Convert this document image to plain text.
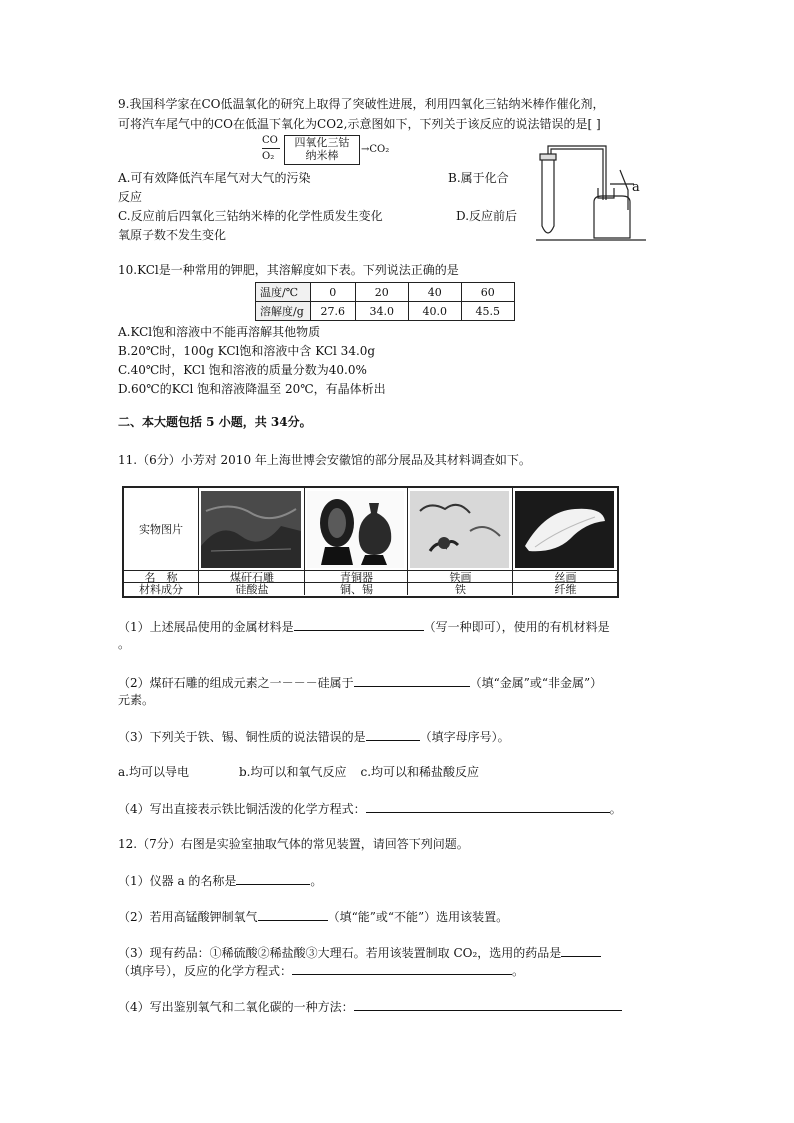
9.我国科学家在CO低温氧化的研究上取得了突破性进展，利用四氧化三钴纳米棒作催化剂，
可将汽车尾气中的CO在低温下氧化为CO2,示意图如下，下列关于该反应的说法错误的是[ ]
CO
O₂
四氧化三钴
纳米棒	→CO₂
A.可有效降低汽车尾气对大气的污染	B.属于化合
反应
C.反应前后四氧化三钴纳米棒的化学性质发生变化	D.反应前后
氧原子数不发生变化
a
10.KCl是一种常用的钾肥，其溶解度如下表。下列说法正确的是
温度/℃	0	20	40	60
溶解度/g	27.6	34.0	40.0	45.5
A.KCl饱和溶液中不能再溶解其他物质
B.20℃时，100g KCl饱和溶液中含 KCl 34.0g
C.40℃时，KCl 饱和溶液的质量分数为40.0%
D.60℃的KCl 饱和溶液降温至 20℃，有晶体析出
二、本大题包括 5 小题，共 34分。
11.（6分）小芳对 2010 年上海世博会安徽馆的部分展品及其材料调查如下。
实物图片
名　称	煤矸石雕	青铜器	铁画	丝画
材料成分	硅酸盐	铜、锡	铁	纤维
（1）上述展品使用的金属材料是	（写一种即可），使用的有机材料是
。
（2）煤矸石雕的组成元素之一－－－硅属于	（填“金属”或“非金属”）
元素。
（3）下列关于铁、锡、铜性质的说法错误的是	（填字母序号）。
a.均可以导电	b.均可以和氧气反应 c.均可以和稀盐酸反应
（4）写出直接表示铁比铜活泼的化学方程式：	。
12.（7分）右图是实验室抽取气体的常见装置，请回答下列问题。
（1）仪器 a 的名称是	。
（2）若用高锰酸钾制氧气	（填“能”或“不能”）选用该装置。
（3）现有药品：①稀硫酸②稀盐酸③大理石。若用该装置制取 CO₂，选用的药品是
（填序号），反应的化学方程式：	。
（4）写出鉴别氧气和二氧化碳的一种方法：
